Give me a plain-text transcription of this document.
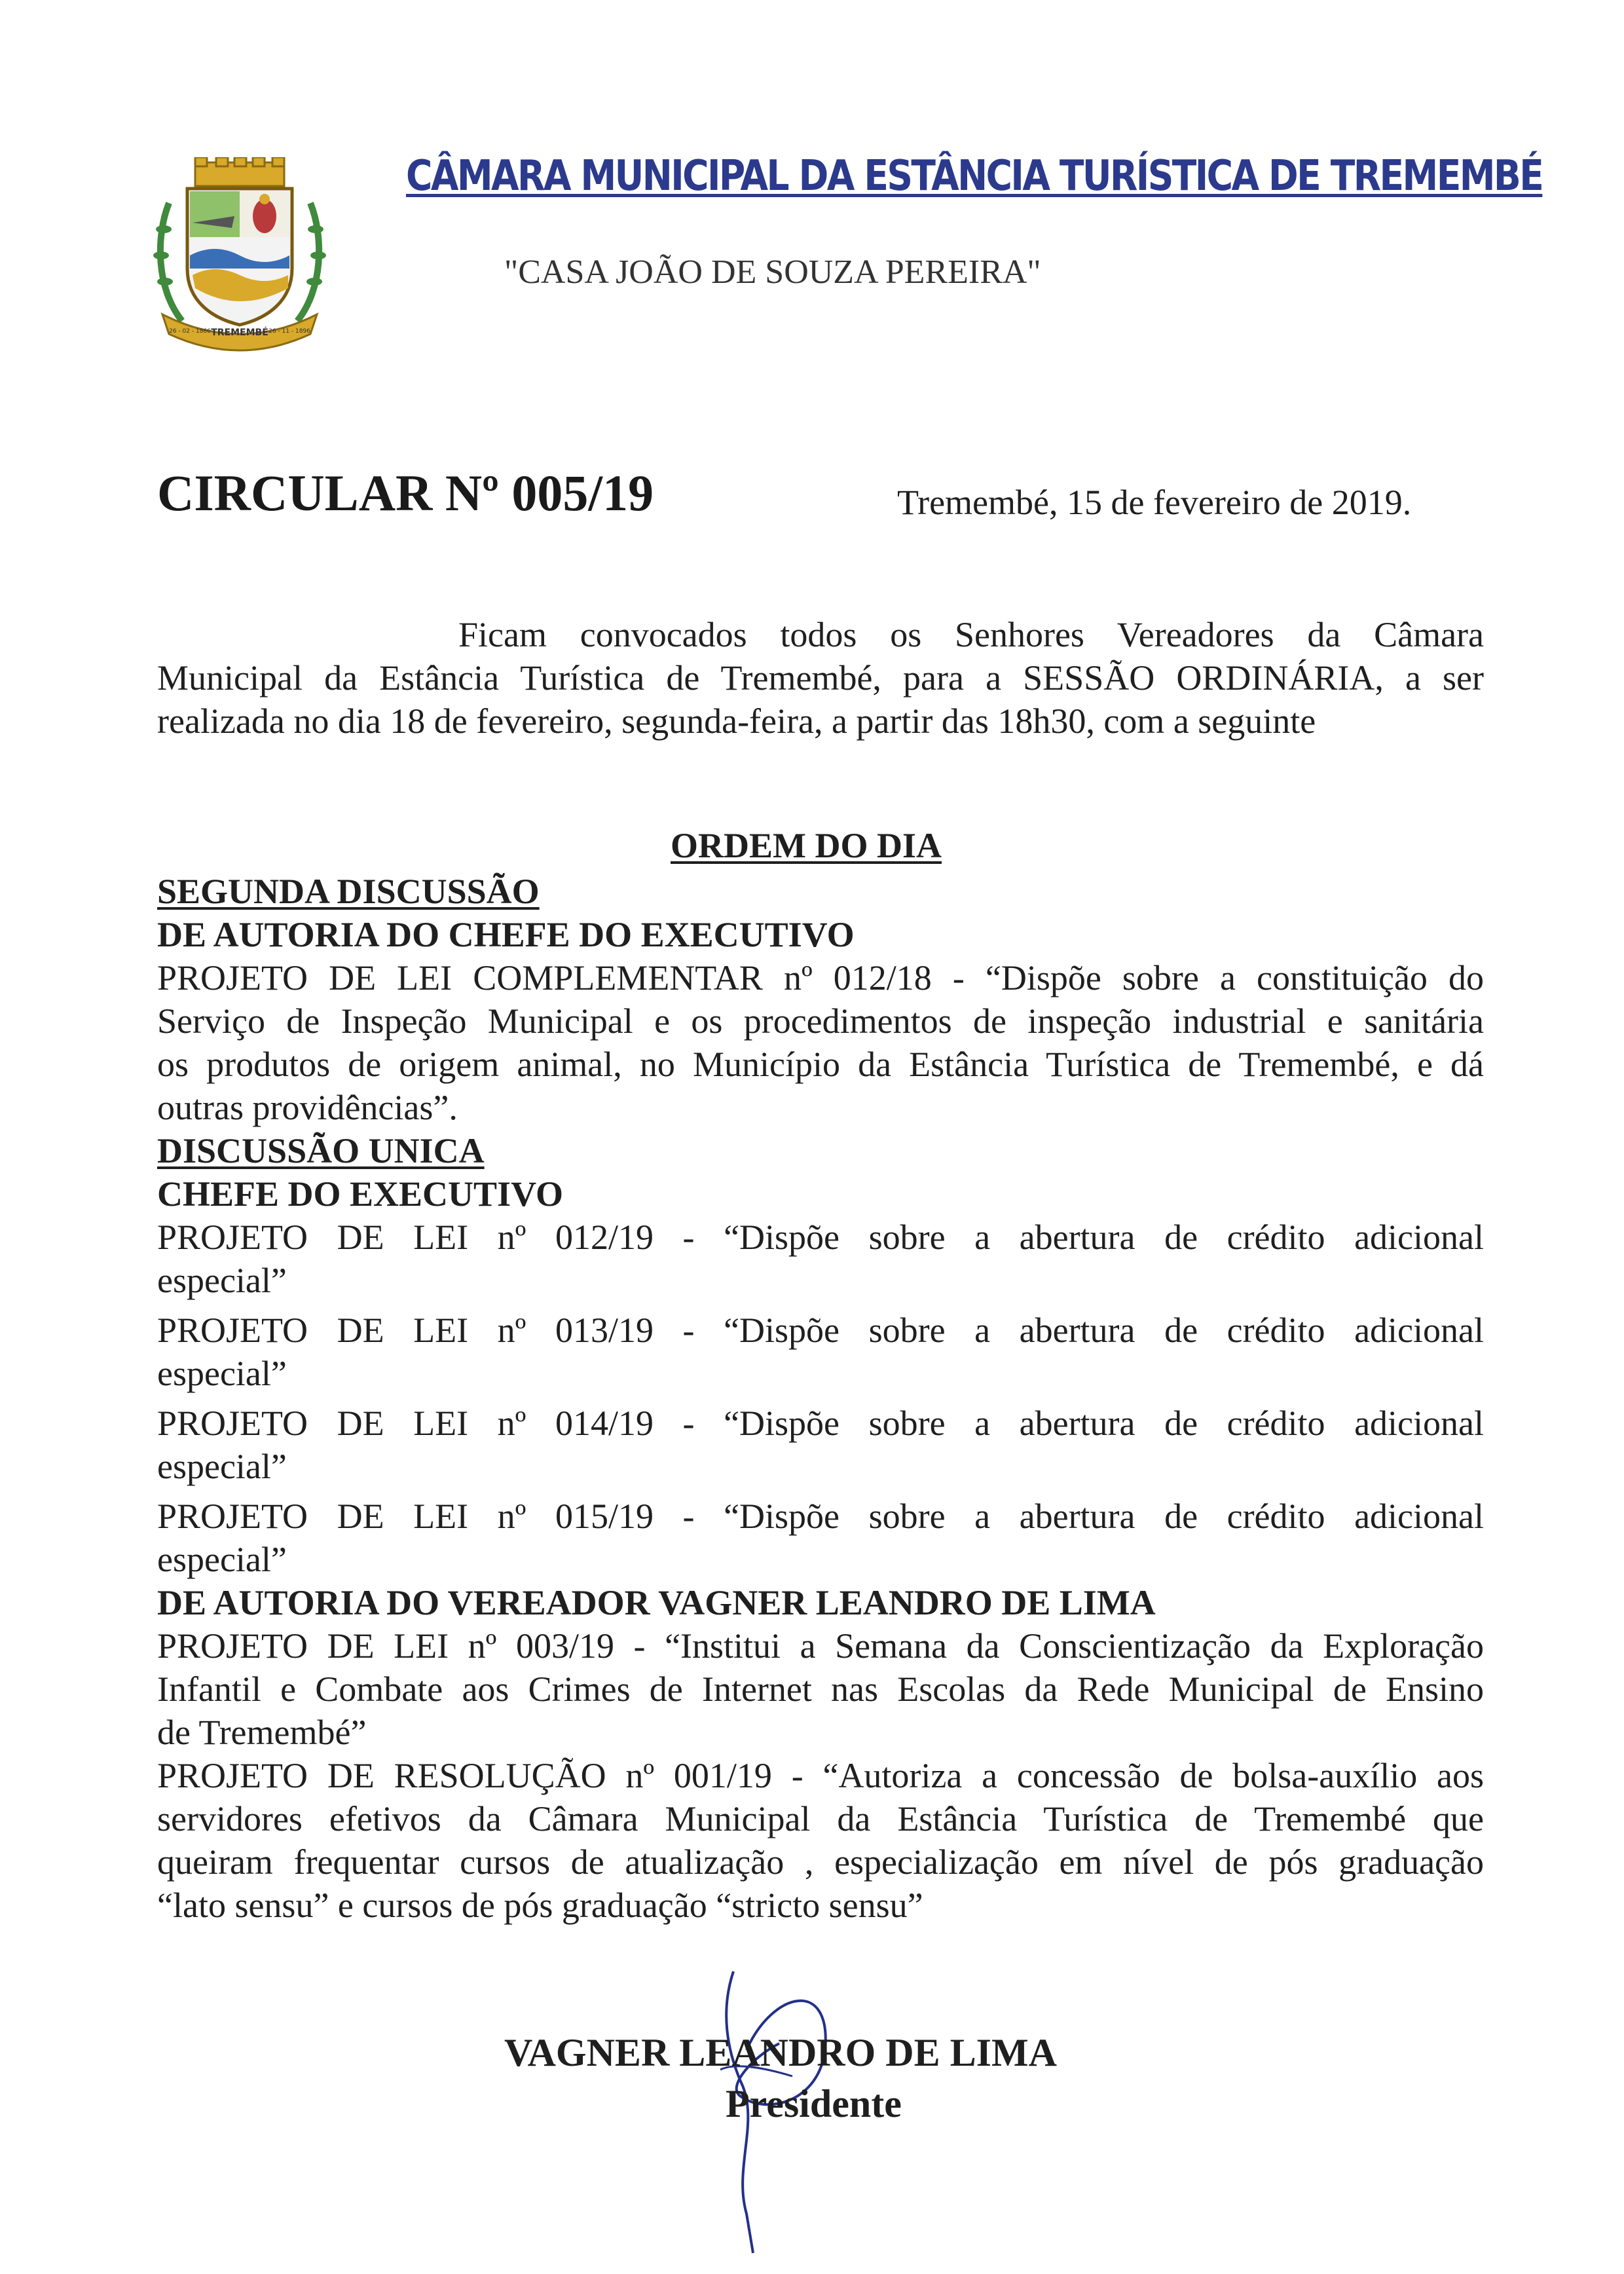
TREMEMBÉ
26 - 02 - 1866	26 - 11 - 1896
CÂMARA MUNICIPAL DA ESTÂNCIA TURÍSTICA DE TREMEMBÉ
"CASA JOÃO DE SOUZA PEREIRA"
CIRCULAR Nº 005/19	Tremembé, 15 de fevereiro de 2019.
Ficam convocados todos os Senhores Vereadores da Câmara
Municipal da Estância Turística de Tremembé, para a SESSÃO ORDINÁRIA, a ser
realizada no dia 18 de fevereiro, segunda-feira, a partir das 18h30, com a seguinte
ORDEM DO DIA
SEGUNDA DISCUSSÃO
DE AUTORIA DO CHEFE DO EXECUTIVO
PROJETO DE LEI COMPLEMENTAR nº 012/18 - “Dispõe sobre a constituição do
Serviço de Inspeção Municipal e os procedimentos de inspeção industrial e sanitária
os produtos de origem animal, no Município da Estância Turística de Tremembé, e dá
outras providências”.
DISCUSSÃO UNICA
CHEFE DO EXECUTIVO
PROJETO DE LEI nº 012/19 - “Dispõe sobre a abertura de crédito adicional
especial”
PROJETO DE LEI nº 013/19 - “Dispõe sobre a abertura de crédito adicional
especial”
PROJETO DE LEI nº 014/19 - “Dispõe sobre a abertura de crédito adicional
especial”
PROJETO DE LEI nº 015/19 - “Dispõe sobre a abertura de crédito adicional
especial”
DE AUTORIA DO VEREADOR VAGNER LEANDRO DE LIMA
PROJETO DE LEI nº 003/19 - “Institui a Semana da Conscientização da Exploração
Infantil e Combate aos Crimes de Internet nas Escolas da Rede Municipal de Ensino
de Tremembé”
PROJETO DE RESOLUÇÃO nº 001/19 - “Autoriza a concessão de bolsa-auxílio aos
servidores efetivos da Câmara Municipal da Estância Turística de Tremembé que
queiram frequentar cursos de atualização , especialização em nível de pós graduação
“lato sensu” e cursos de pós graduação “stricto sensu”
VAGNER LEANDRO DE LIMA
Presidente
